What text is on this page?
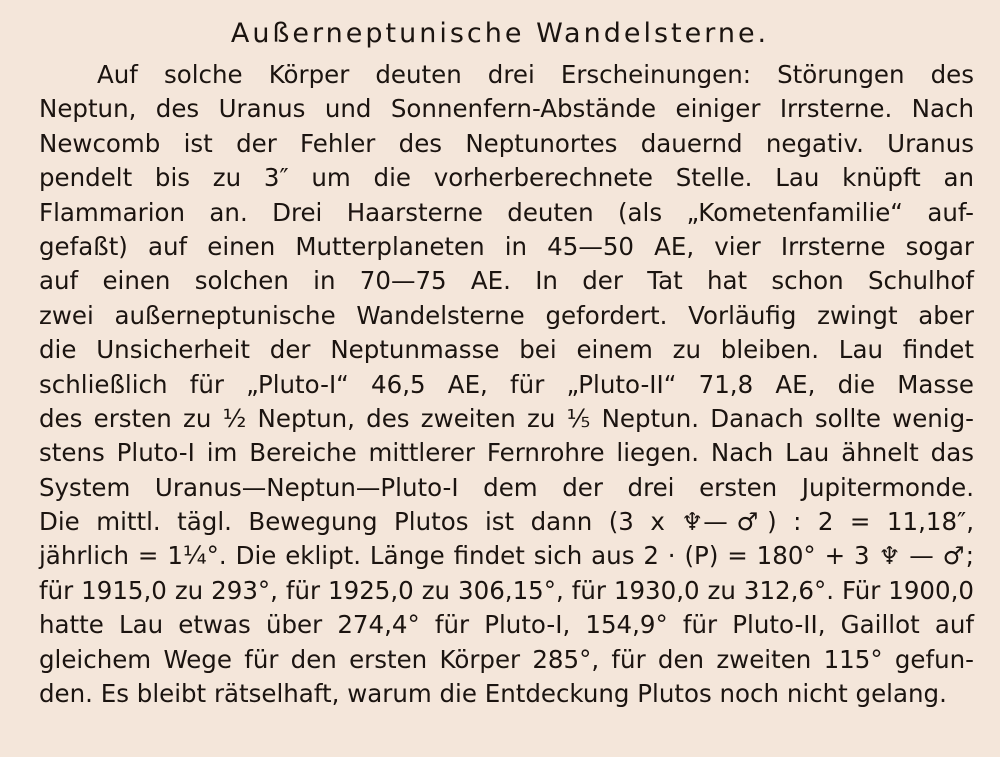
Außerneptunische Wandelsterne.
Auf solche Körper deuten drei Erscheinungen: Störungen des
Neptun, des Uranus und Sonnenfern-Abstände einiger Irrsterne. Nach
Newcomb ist der Fehler des Neptunortes dauernd negativ. Uranus
pendelt bis zu 3″ um die vorherberechnete Stelle. Lau knüpft an
Flammarion an. Drei Haarsterne deuten (als „Kometenfamilie“ auf-
gefaßt) auf einen Mutterplaneten in 45—50 AE, vier Irrsterne sogar
auf einen solchen in 70—75 AE. In der Tat hat schon Schulhof
zwei außerneptunische Wandelsterne gefordert. Vorläufig zwingt aber
die Unsicherheit der Neptunmasse bei einem zu bleiben. Lau findet
schließlich für „Pluto-I“ 46,5 AE, für „Pluto-II“ 71,8 AE, die Masse
des ersten zu ½ Neptun, des zweiten zu ⅕ Neptun. Danach sollte wenig-
stens Pluto-I im Bereiche mittlerer Fernrohre liegen. Nach Lau ähnelt das
System Uranus—Neptun—Pluto-I dem der drei ersten Jupitermonde.
Die mittl. tägl. Bewegung Plutos ist dann (3 x ♆—♂) : 2 = 11,18″,
jährlich = 1¼°. Die eklipt. Länge findet sich aus 2 · (P) = 180° + 3 ♆ — ♂;
für 1915,0 zu 293°, für 1925,0 zu 306,15°, für 1930,0 zu 312,6°. Für 1900,0
hatte Lau etwas über 274,4° für Pluto-I, 154,9° für Pluto-II, Gaillot auf
gleichem Wege für den ersten Körper 285°, für den zweiten 115° gefun-
den. Es bleibt rätselhaft, warum die Entdeckung Plutos noch nicht gelang.
